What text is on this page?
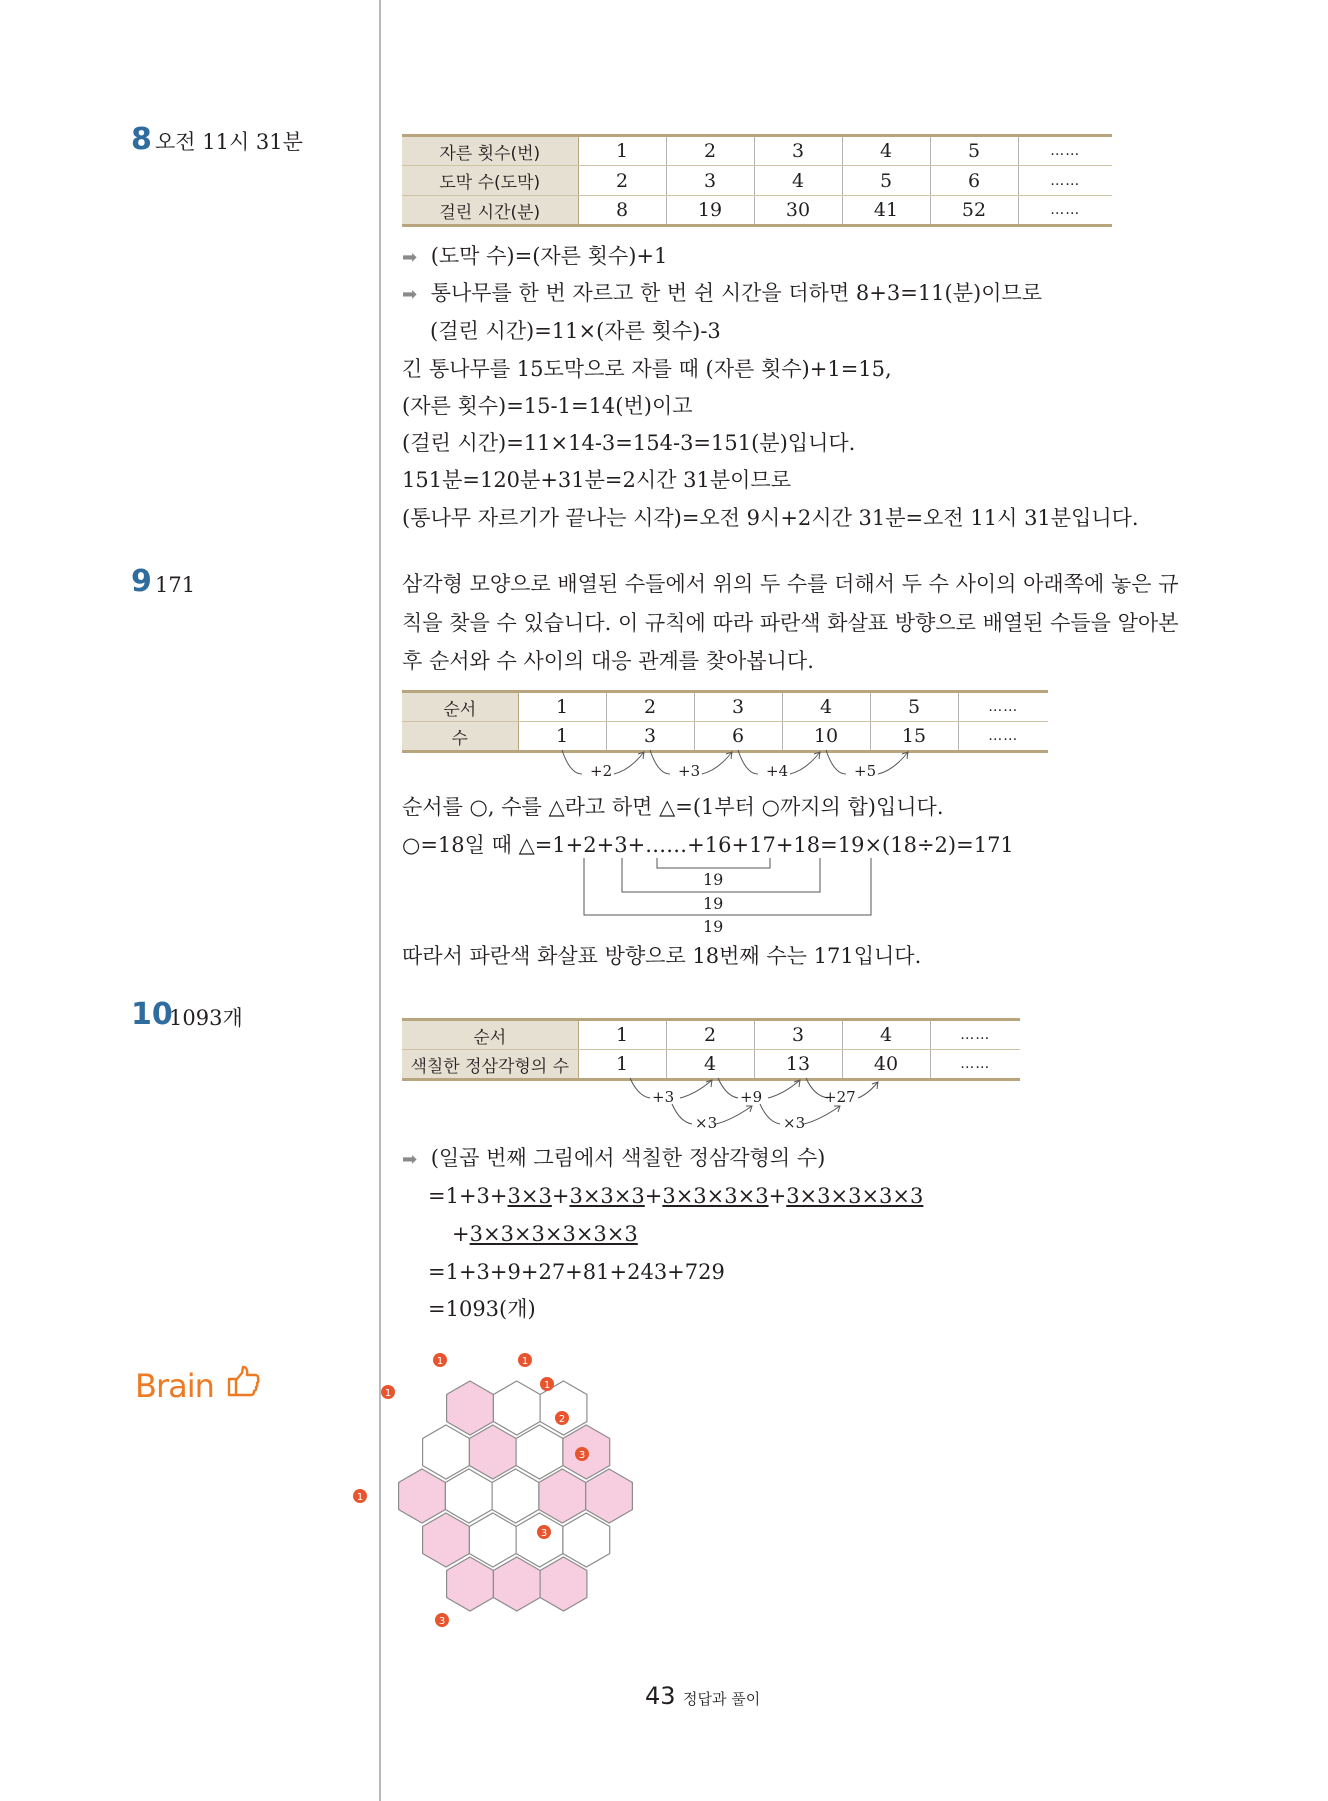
8 오전 11시 31분	자른 횟수(번)	1	2	3	4	5	……
도막 수(도막)	2	3	4	5	6	……
걸린 시간(분)	8	19	30	41	52	……
➡ (도막 수)=(자른 횟수)+1
➡ 통나무를 한 번 자르고 한 번 쉰 시간을 더하면 8+3=11(분)이므로
(걸린 시간)=11×(자른 횟수)-3
긴 통나무를 15도막으로 자를 때 (자른 횟수)+1=15,
(자른 횟수)=15-1=14(번)이고
(걸린 시간)=11×14-3=154-3=151(분)입니다.
151분=120분+31분=2시간 31분이므로
(통나무 자르기가 끝나는 시각)=오전 9시+2시간 31분=오전 11시 31분입니다.
9 171	삼각형 모양으로 배열된 수들에서 위의 두 수를 더해서 두 수 사이의 아래쪽에 놓은 규
칙을 찾을 수 있습니다. 이 규칙에 따라 파란색 화살표 방향으로 배열된 수들을 알아본
후 순서와 수 사이의 대응 관계를 찾아봅니다.
순서	1	2	3	4	5	……
수	1	3	6	10	15	……
+2	+3	+4	+5
순서를 ○, 수를 △라고 하면 △=(1부터 ○까지의 합)입니다.
○=18일 때 △=1+2+3+……+16+17+18=19×(18÷2)=171
19
19
19
따라서 파란색 화살표 방향으로 18번째 수는 171입니다.
10
1093개
순서	1	2	3	4	……
색칠한 정삼각형의 수	1	4	13	40	……
+3	+9	+27
×3	×3
➡ (일곱 번째 그림에서 색칠한 정삼각형의 수)
=1+3+3×3+3×3×3+3×3×3×3+3×3×3×3×3
+3×3×3×3×3×3
=1+3+9+27+81+243+729
=1093(개)
Brain
1	1
1
1
2
3
1
3
3
43 정답과 풀이
